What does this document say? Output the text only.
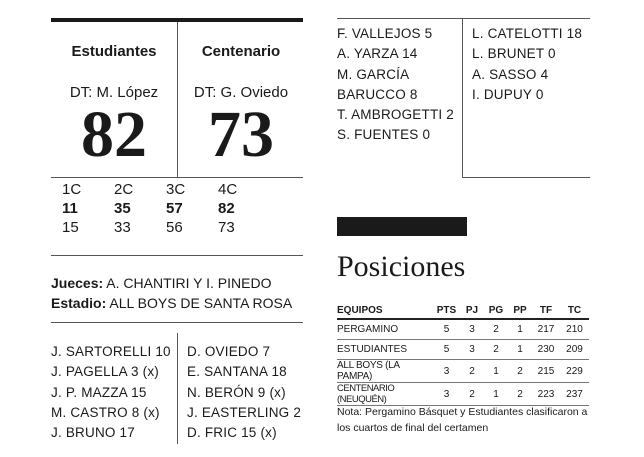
Estudiantes	Centenario
DT: M. López	DT: G. Oviedo
82 73
1C	2C	3C	4C
11	35	57	82
15	33	56	73
Jueces: A. CHANTIRI Y I. PINEDO
Estadio: ALL BOYS DE SANTA ROSA
J. SARTORELLI 10
J. PAGELLA 3 (x)
J. P. MAZZA 15
M. CASTRO 8 (x)
J. BRUNO 17
D. OVIEDO 7
E. SANTANA 18
N. BERÓN 9 (x)
J. EASTERLING 2
D. FRIC 15 (x)
F. VALLEJOS 5
A. YARZA 14
M. GARCÍA
BARUCCO 8
T. AMBROGETTI 2
S. FUENTES 0
L. CATELOTTI 18
L. BRUNET 0
A. SASSO 4
I. DUPUY 0
Posiciones
EQUIPOS	PTS	PJ	PG	PP	TF	TC
PERGAMINO	5	3	2	1	217	210
ESTUDIANTES	5	3	2	1	230	209
ALL BOYS (LA PAMPA)	3	2	1	2	215	229
CENTENARIO (NEUQUÉN)	3	2	1	2	223	237
Nota: Pergamino Básquet y Estudiantes clasificaron a los cuartos de final del certamen
